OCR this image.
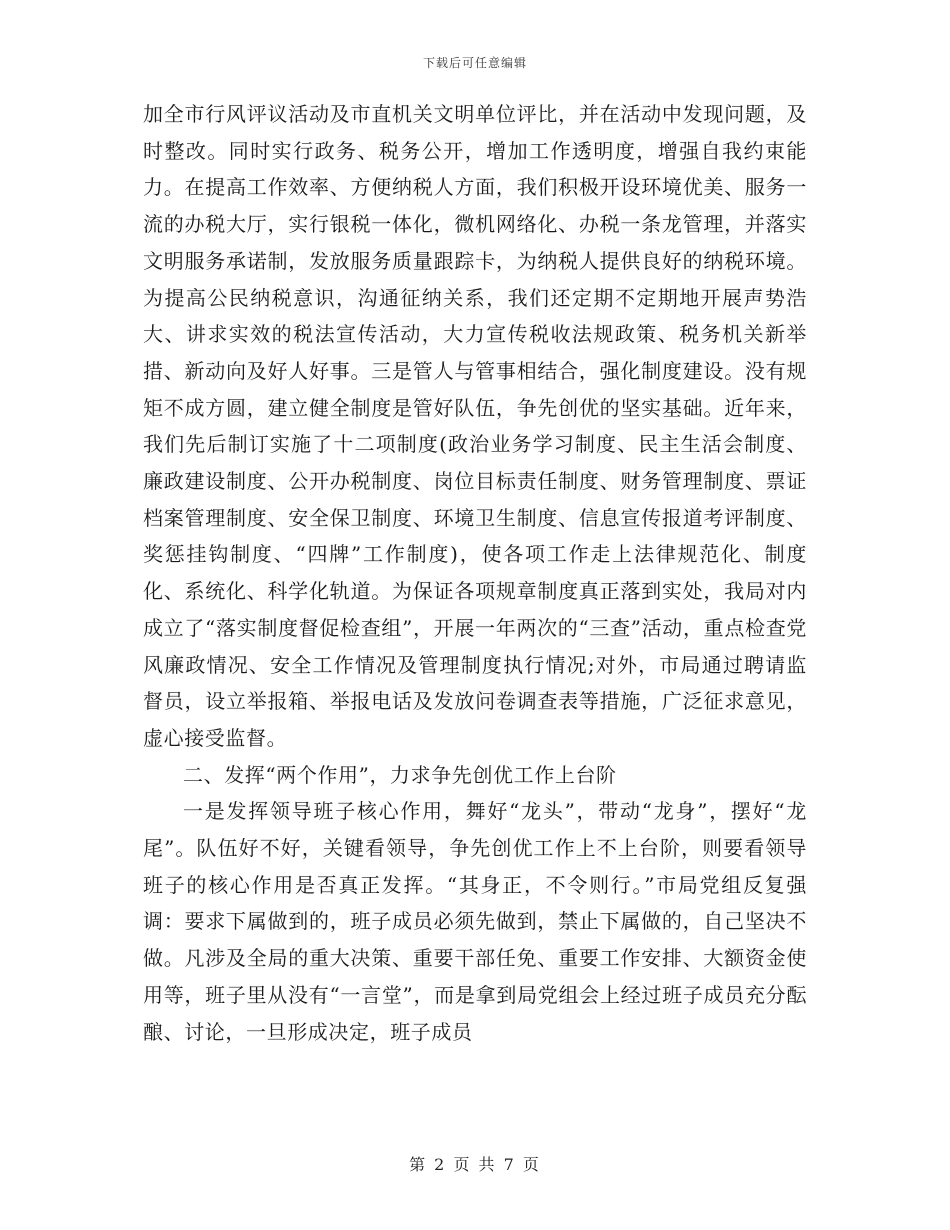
下载后可任意编辑

加全市行风评议活动及市直机关文明单位评比，并在活动中发现问题，及时整改。同时实行政务、税务公开，增加工作透明度，增强自我约束能力。在提高工作效率、方便纳税人方面，我们积极开设环境优美、服务一流的办税大厅，实行银税一体化，微机网络化、办税一条龙管理，并落实文明服务承诺制，发放服务质量跟踪卡，为纳税人提供良好的纳税环境。为提高公民纳税意识，沟通征纳关系，我们还定期不定期地开展声势浩大、讲求实效的税法宣传活动，大力宣传税收法规政策、税务机关新举措、新动向及好人好事。三是管人与管事相结合，强化制度建设。没有规矩不成方圆，建立健全制度是管好队伍，争先创优的坚实基础。近年来，我们先后制订实施了十二项制度(政治业务学习制度、民主生活会制度、廉政建设制度、公开办税制度、岗位目标责任制度、财务管理制度、票证档案管理制度、安全保卫制度、环境卫生制度、信息宣传报道考评制度、奖惩挂钩制度、“四牌”工作制度)，使各项工作走上法律规范化、制度化、系统化、科学化轨道。为保证各项规章制度真正落到实处，我局对内成立了“落实制度督促检查组”，开展一年两次的“三查”活动，重点检查党风廉政情况、安全工作情况及管理制度执行情况;对外，市局通过聘请监督员，设立举报箱、举报电话及发放问卷调查表等措施，广泛征求意见，虚心接受监督。

二、发挥“两个作用”，力求争先创优工作上台阶

一是发挥领导班子核心作用，舞好“龙头”，带动“龙身”，摆好“龙尾”。队伍好不好，关键看领导，争先创优工作上不上台阶，则要看领导班子的核心作用是否真正发挥。“其身正，不令则行。”市局党组反复强调：要求下属做到的，班子成员必须先做到，禁止下属做的，自己坚决不做。凡涉及全局的重大决策、重要干部任免、重要工作安排、大额资金使用等，班子里从没有“一言堂”，而是拿到局党组会上经过班子成员充分酝酿、讨论，一旦形成决定，班子成员

第 2 页 共 7 页
